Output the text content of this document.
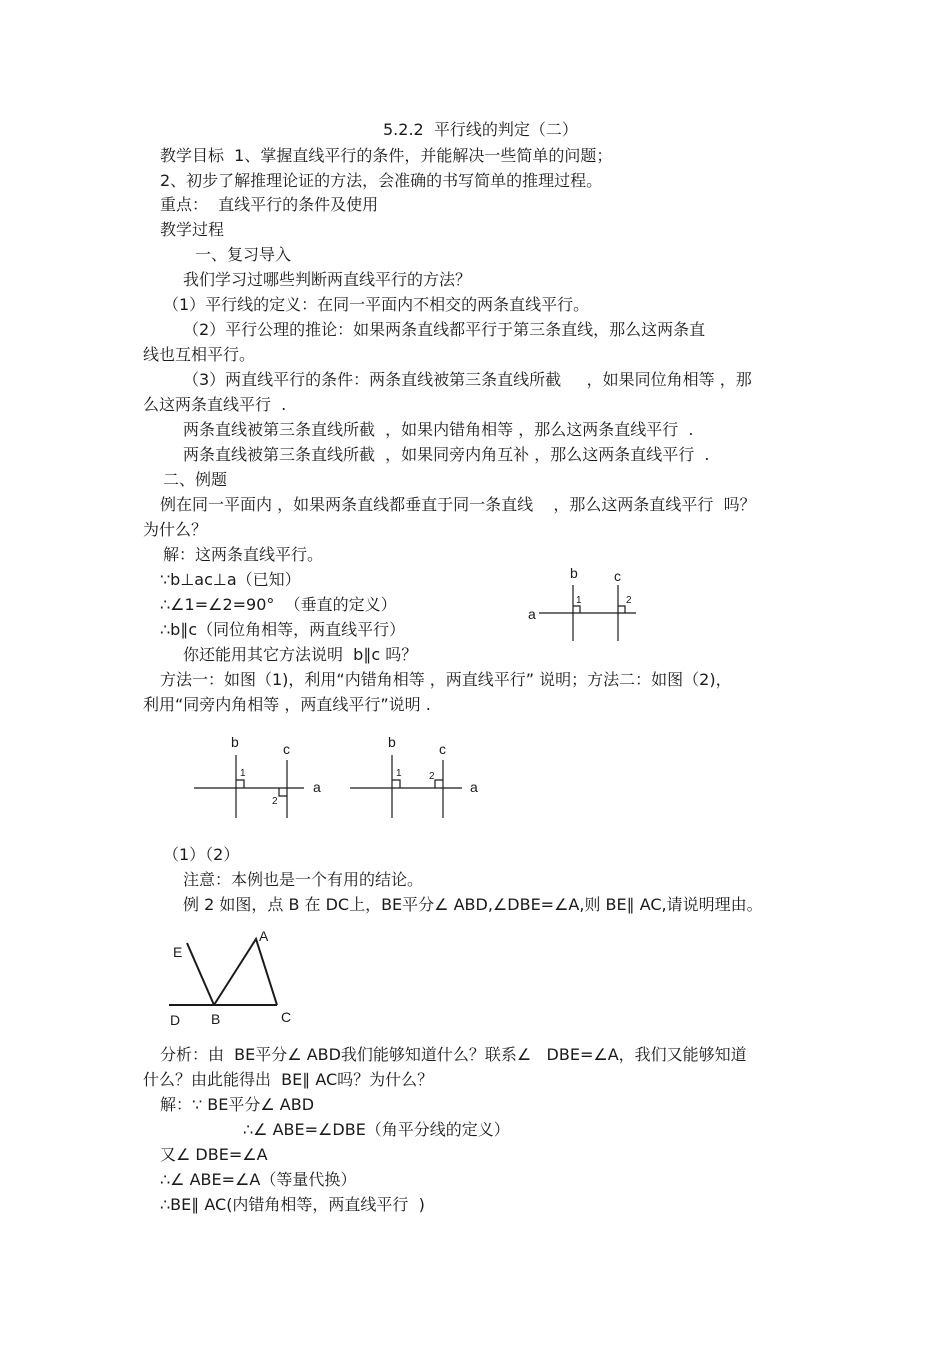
5.2.2  平行线的判定（二）
教学目标  1、掌握直线平行的条件，并能解决一些简单的问题；
2、初步了解推理论证的方法，会准确的书写简单的推理过程。
重点：  直线平行的条件及使用
教学过程
一、复习导入
我们学习过哪些判断两直线平行的方法？
（1）平行线的定义：在同一平面内不相交的两条直线平行。
（2）平行公理的推论：如果两条直线都平行于第三条直线，那么这两条直
线也互相平行。
（3）两直线平行的条件：两条直线被第三条直线所截     ，如果同位角相等 ，那
么这两条直线平行  .
两条直线被第三条直线所截  ，如果内错角相等 ，那么这两条直线平行  .
两条直线被第三条直线所截  ，如果同旁内角互补 ，那么这两条直线平行  .
二、例题
例在同一平面内 ，如果两条直线都垂直于同一条直线    ，那么这两条直线平行  吗？
为什么？
解：这两条直线平行。
∵b⊥ac⊥a（已知）
∴∠1=∠2=90°  （垂直的定义）
∴b∥c（同位角相等，两直线平行）
你还能用其它方法说明  b∥c 吗？
方法一：如图（1)，利用“内错角相等 ，两直线平行” 说明；方法二：如图（2)，
利用“同旁内角相等 ，两直线平行”说明 .
（1）（2）
注意：本例也是一个有用的结论。
例 2 如图，点 B 在 DC上，BE平分∠ ABD,∠DBE=∠A,则 BE∥ AC,请说明理由。
分析：由  BE平分∠ ABD我们能够知道什么？联系∠   DBE=∠A，我们又能够知道
什么？由此能得出  BE∥ AC吗？为什么？
解：∵ BE平分∠ ABD
∴∠ ABE=∠DBE（角平分线的定义）
又∠ DBE=∠A
∴∠ ABE=∠A（等量代换）
∴BE∥ AC(内错角相等，两直线平行  )
b	c
a
1	2
b	c
a
1
2
b	c
a
1	2
E
A
D B	C
